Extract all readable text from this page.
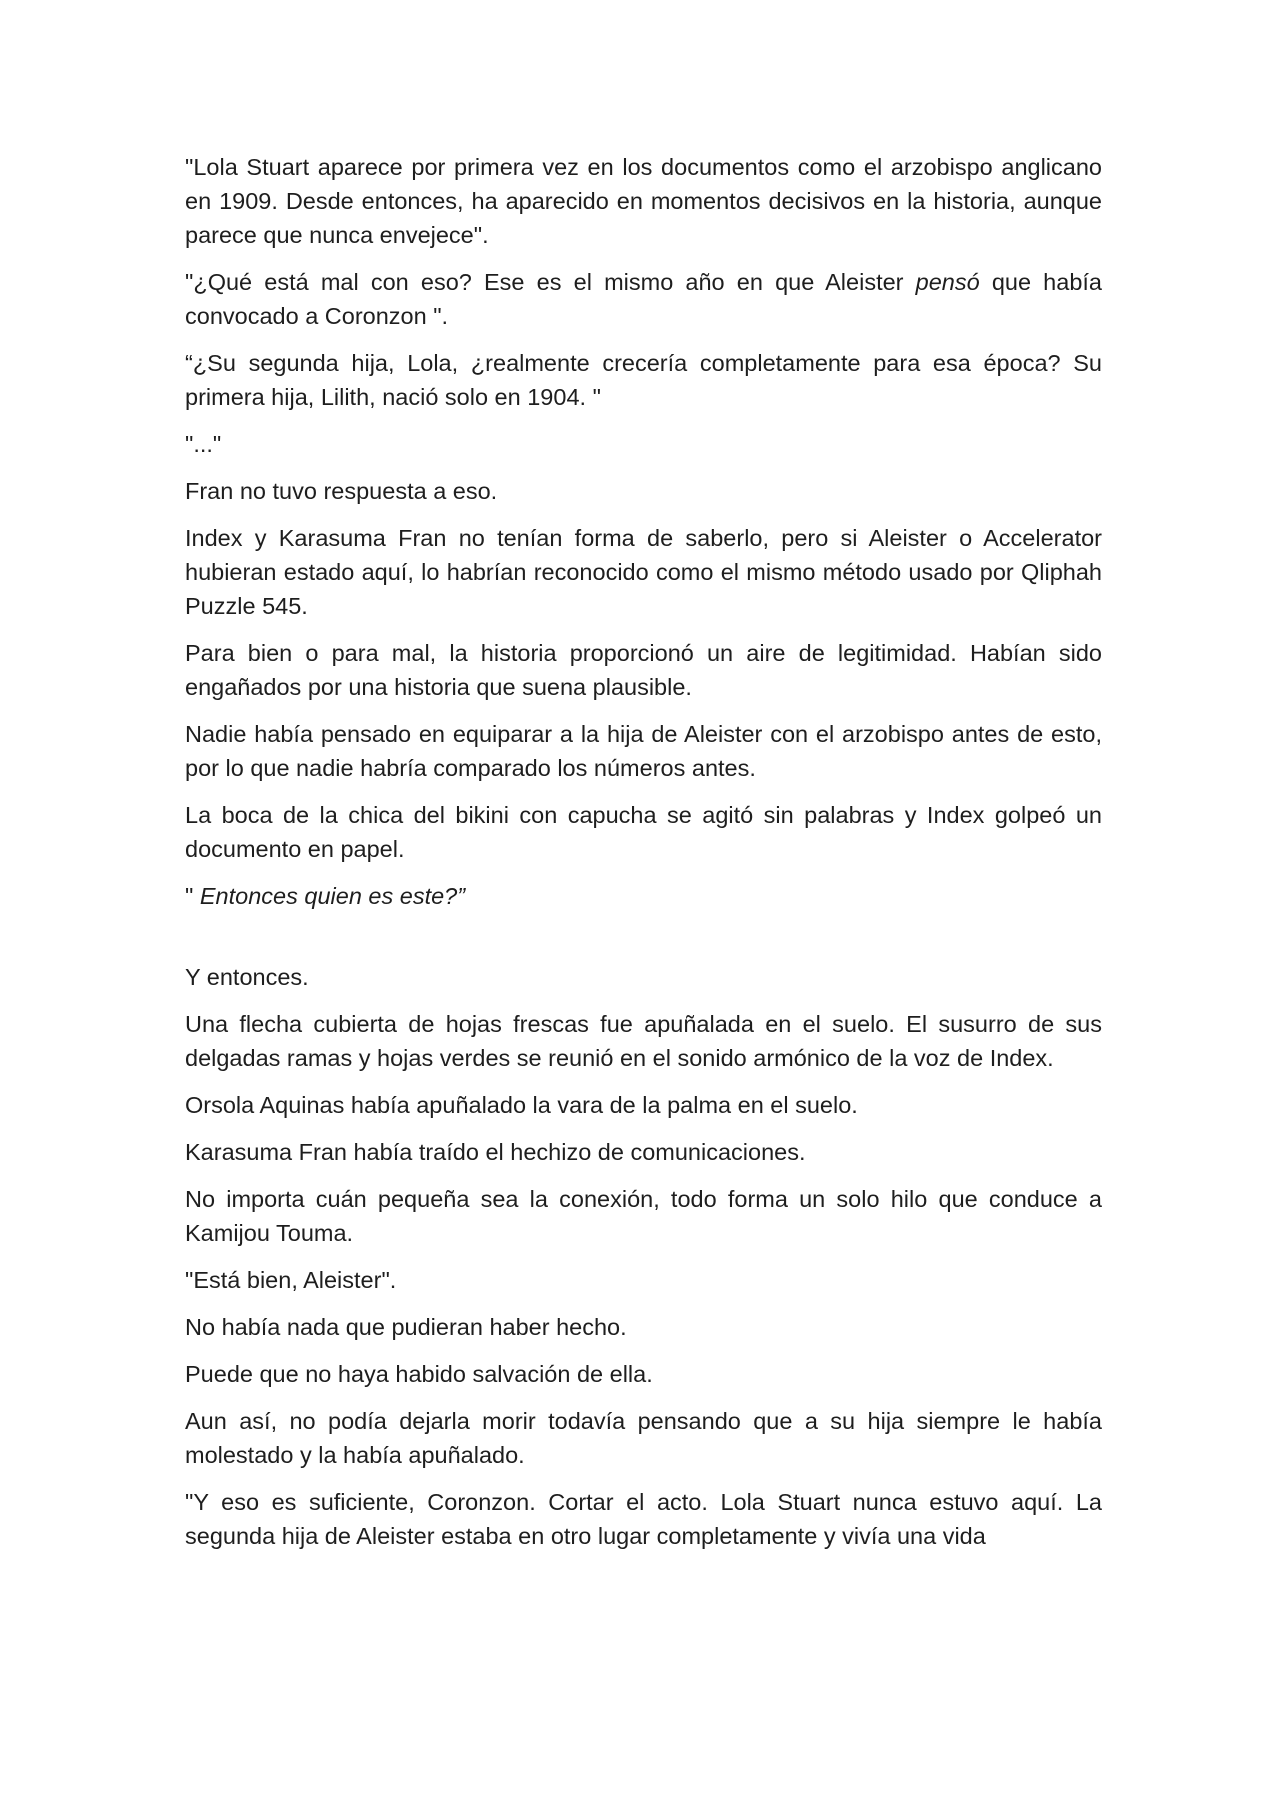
"Lola Stuart aparece por primera vez en los documentos como el arzobispo anglicano en 1909. Desde entonces, ha aparecido en momentos decisivos en la historia, aunque parece que nunca envejece".

"¿Qué está mal con eso? Ese es el mismo año en que Aleister pensó que había convocado a Coronzon ".

“¿Su segunda hija, Lola, ¿realmente crecería completamente para esa época? Su primera hija, Lilith, nació solo en 1904. "

"..."

Fran no tuvo respuesta a eso.

Index y Karasuma Fran no tenían forma de saberlo, pero si Aleister o Accelerator hubieran estado aquí, lo habrían reconocido como el mismo método usado por Qliphah Puzzle 545.

Para bien o para mal, la historia proporcionó un aire de legitimidad. Habían sido engañados por una historia que suena plausible.

Nadie había pensado en equiparar a la hija de Aleister con el arzobispo antes de esto, por lo que nadie habría comparado los números antes.

La boca de la chica del bikini con capucha se agitó sin palabras y Index golpeó un documento en papel.

" Entonces quien es este?”

Y entonces.

Una flecha cubierta de hojas frescas fue apuñalada en el suelo. El susurro de sus delgadas ramas y hojas verdes se reunió en el sonido armónico de la voz de Index.

Orsola Aquinas había apuñalado la vara de la palma en el suelo.

Karasuma Fran había traído el hechizo de comunicaciones.

No importa cuán pequeña sea la conexión, todo forma un solo hilo que conduce a Kamijou Touma.

"Está bien, Aleister".

No había nada que pudieran haber hecho.

Puede que no haya habido salvación de ella.

Aun así, no podía dejarla morir todavía pensando que a su hija siempre le había molestado y la había apuñalado.

"Y eso es suficiente, Coronzon. Cortar el acto. Lola Stuart nunca estuvo aquí. La segunda hija de Aleister estaba en otro lugar completamente y vivía una vida
